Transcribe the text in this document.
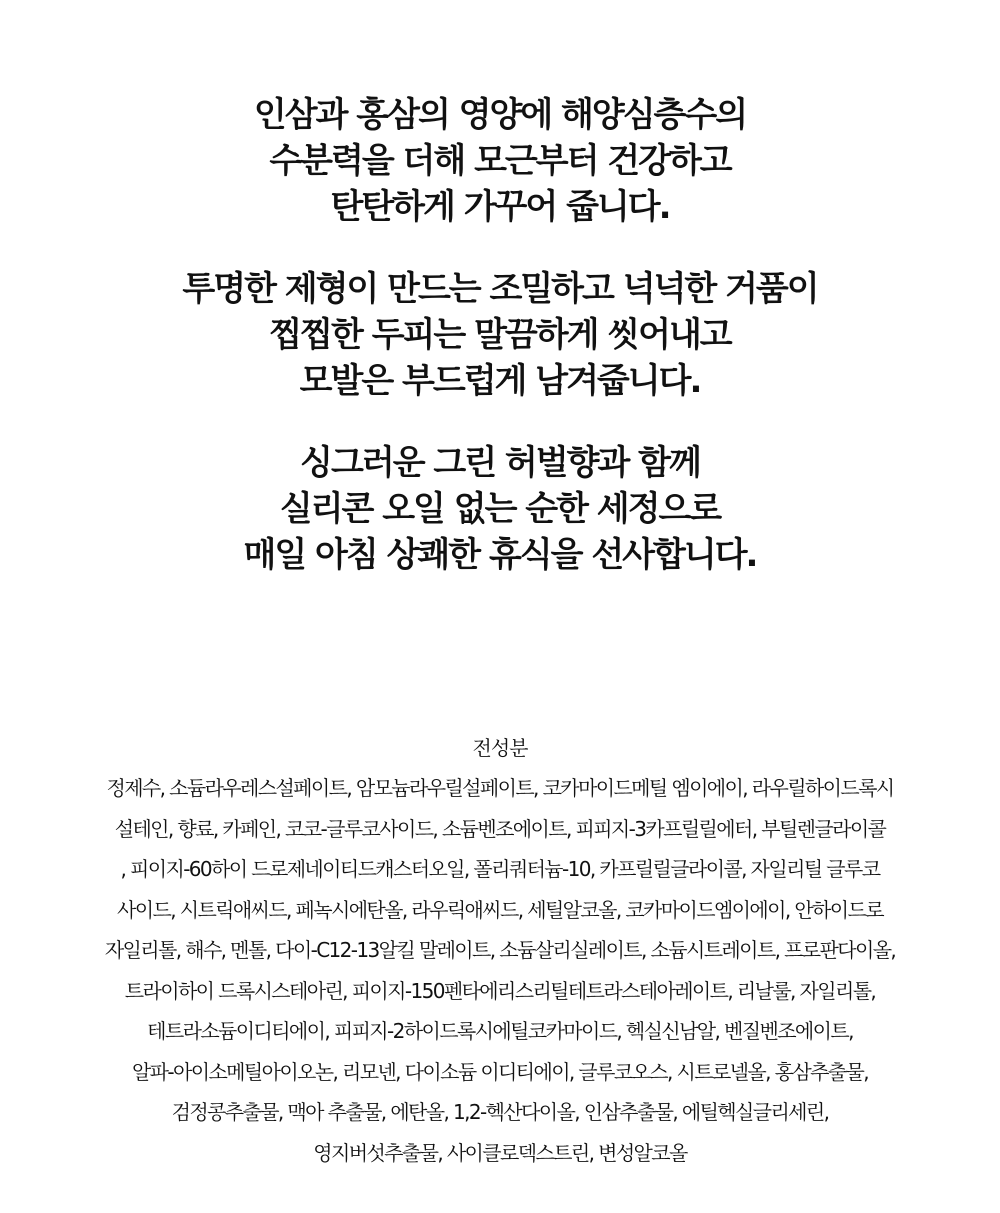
인삼과 홍삼의 영양에 해양심층수의
수분력을 더해 모근부터 건강하고
탄탄하게 가꾸어 줍니다.
투명한 제형이 만드는 조밀하고 넉넉한 거품이
찝찝한 두피는 말끔하게 씻어내고
모발은 부드럽게 남겨줍니다.
싱그러운 그린 허벌향과 함께
실리콘 오일 없는 순한 세정으로
매일 아침 상쾌한 휴식을 선사합니다.
전성분
정제수, 소듐라우레스설페이트, 암모늄라우릴설페이트, 코카마이드메틸 엠이에이, 라우릴하이드록시
설테인, 향료, 카페인, 코코-글루코사이드, 소듐벤조에이트, 피피지-3카프릴릴에터, 부틸렌글라이콜
, 피이지-60하이 드로제네이티드캐스터오일, 폴리쿼터늄-10, 카프릴릴글라이콜, 자일리틸 글루코
사이드, 시트릭애씨드, 페녹시에탄올, 라우릭애씨드, 세틸알코올, 코카마이드엠이에이, 안하이드로
자일리톨, 해수, 멘톨, 다이-C12-13알킬 말레이트, 소듐살리실레이트, 소듐시트레이트, 프로판다이올,
트라이하이 드록시스테아린, 피이지-150펜타에리스리틸테트라스테아레이트, 리날룰, 자일리톨,
테트라소듐이디티에이, 피피지-2하이드록시에틸코카마이드, 헥실신남알, 벤질벤조에이트,
알파-아이소메틸아이오논, 리모넨, 다이소듐 이디티에이, 글루코오스, 시트로넬올, 홍삼추출물,
검정콩추출물, 맥아 추출물, 에탄올, 1,2-헥산다이올, 인삼추출물, 에틸헥실글리세린,
영지버섯추출물, 사이클로덱스트린, 변성알코올
